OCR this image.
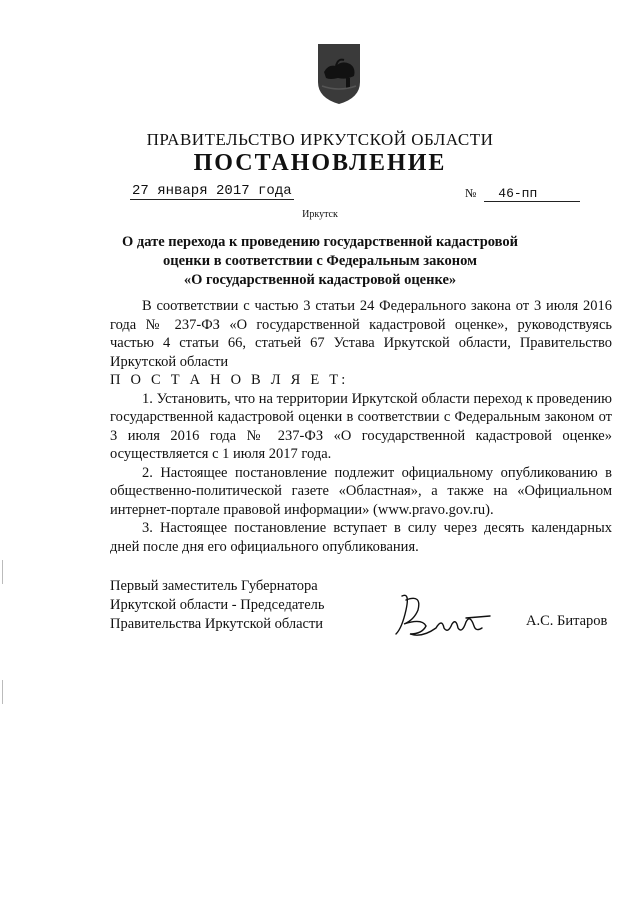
ПРАВИТЕЛЬСТВО ИРКУТСКОЙ ОБЛАСТИ
ПОСТАНОВЛЕНИЕ
27 января 2017 года	№ 46-пп
Иркутск
О дате перехода к проведению государственной кадастровой
оценки в соответствии с Федеральным законом
«О государственной кадастровой оценке»

В соответствии с частью 3 статьи 24 Федерального закона от 3 июля 2016 года № 237-ФЗ «О государственной кадастровой оценке», руководствуясь частью 4 статьи 66, статьей 67 Устава Иркутской области, Правительство Иркутской области

П О С Т А Н О В Л Я Е Т:

1. Установить, что на территории Иркутской области переход к проведению государственной кадастровой оценки в соответствии с Федеральным законом от 3 июля 2016 года № 237-ФЗ «О государственной кадастровой оценке» осуществляется с 1 июля 2017 года.

2. Настоящее постановление подлежит официальному опубликованию в общественно-политической газете «Областная», а также на «Официальном интернет-портале правовой информации» (www.pravo.gov.ru).

3. Настоящее постановление вступает в силу через десять календарных дней после дня его официального опубликования.

Первый заместитель Губернатора
Иркутской области - Председатель
Правительства Иркутской области	А.С. Битаров
